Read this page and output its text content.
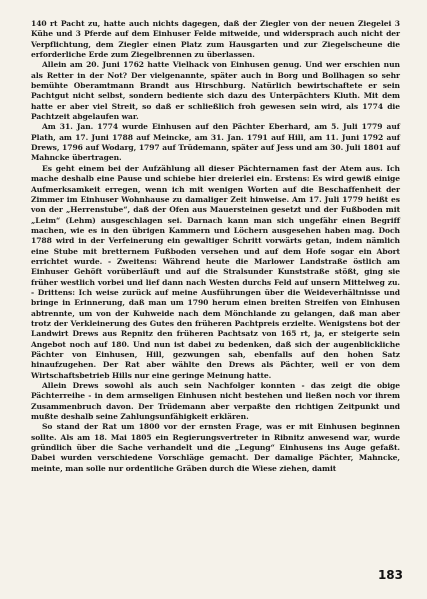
140 rt Pacht zu, hatte auch nichts dagegen, daß der Ziegler von der neuen Ziegelei 3 Kühe und 3 Pferde auf dem Einhuser Felde mitweide, und widersprach auch nicht der Verpflichtung, dem Ziegler einen Platz zum Hausgarten und zur Ziegelscheune die erforderliche Erde zum Ziegelbrennen zu überlassen.

Allein am 20. Juni 1762 hatte Vielhack von Einhusen genug. Und wer erschien nun als Retter in der Not? Der vielgenannte, später auch in Borg und Bollhagen so sehr bemühte Oberamtmann Brandt aus Hirschburg. Natürlich bewirtschaftete er sein Pachtgut nicht selbst, sondern bediente sich dazu des Unterpächters Kluth. Mit dem hatte er aber viel Streit, so daß er schließlich froh gewesen sein wird, als 1774 die Pachtzeit abgelaufen war.

Am 31. Jan. 1774 wurde Einhusen auf den Pächter Eberhard, am 5. Juli 1779 auf Plath, am 17. Juni 1788 auf Meincke, am 31. Jan. 1791 auf Hill, am 11. Juni 1792 auf Drews, 1796 auf Wodarg, 1797 auf Trüdemann, später auf Jess und am 30. Juli 1801 auf Mahncke übertragen.

Es geht einem bei der Aufzählung all dieser Pächternamen fast der Atem aus. Ich mache deshalb eine Pause und schiebe hier dreierlei ein. Erstens: Es wird gewiß einige Aufmerksamkeit erregen, wenn ich mit wenigen Worten auf die Beschaffenheit der Zimmer im Einhuser Wohnhause zu damaliger Zeit hinweise. Am 17. Juli 1779 heißt es von der „Herrenstube“, daß der Ofen aus Mauersteinen gesetzt und der Fußboden mit „Leim“ (Lehm) ausgeschlagen sei. Darnach kann man sich ungefähr einen Begriff machen, wie es in den übrigen Kammern und Löchern ausgesehen haben mag. Doch 1788 wird in der Verfeinerung ein gewaltiger Schritt vorwärts getan, indem nämlich eine Stube mit bretternem Fußboden versehen und auf dem Hofe sogar ein Abort errichtet wurde. - Zweitens: Während heute die Marlower Landstraße östlich am Einhuser Gehöft vorüberläuft und auf die Stralsunder Kunststraße stößt, ging sie früher westlich vorbei und lief dann nach Westen durchs Feld auf unsern Mittelweg zu. - Drittens: Ich weise zurück auf meine Ausführungen über die Weideverhältnisse und bringe in Erinnerung, daß man um 1790 herum einen breiten Streifen von Einhusen abtrennte, um von der Kuhweide nach dem Mönchlande zu gelangen, daß man aber trotz der Verkleinerung des Gutes den früheren Pachtpreis erzielte. Wenigstens bot der Landwirt Drews aus Repnitz den früheren Pachtsatz von 165 rt, ja, er steigerte sein Angebot noch auf 180. Und nun ist dabei zu bedenken, daß sich der augenblickliche Pächter von Einhusen, Hill, gezwungen sah, ebenfalls auf den hohen Satz hinaufzugehen. Der Rat aber wählte den Drews als Pächter, weil er von dem Wirtschaftsbetrieb Hills nur eine geringe Meinung hatte.

Allein Drews sowohl als auch sein Nachfolger konnten - das zeigt die obige Pächterreihe - in dem armseligen Einhusen nicht bestehen und ließen noch vor ihrem Zusammenbruch davon. Der Trüdemann aber verpaßte den richtigen Zeitpunkt und mußte deshalb seine Zahlungsunfähigkeit erklären.

So stand der Rat um 1800 vor der ernsten Frage, was er mit Einhusen beginnen sollte. Als am 18. Mai 1805 ein Regierungsvertreter in Ribnitz anwesend war, wurde gründlich über die Sache verhandelt und die „Legung“ Einhusens ins Auge gefaßt. Dabei wurden verschiedene Vorschläge gemacht. Der damalige Pächter, Mahncke, meinte, man solle nur ordentliche Gräben durch die Wiese ziehen, damit

183
